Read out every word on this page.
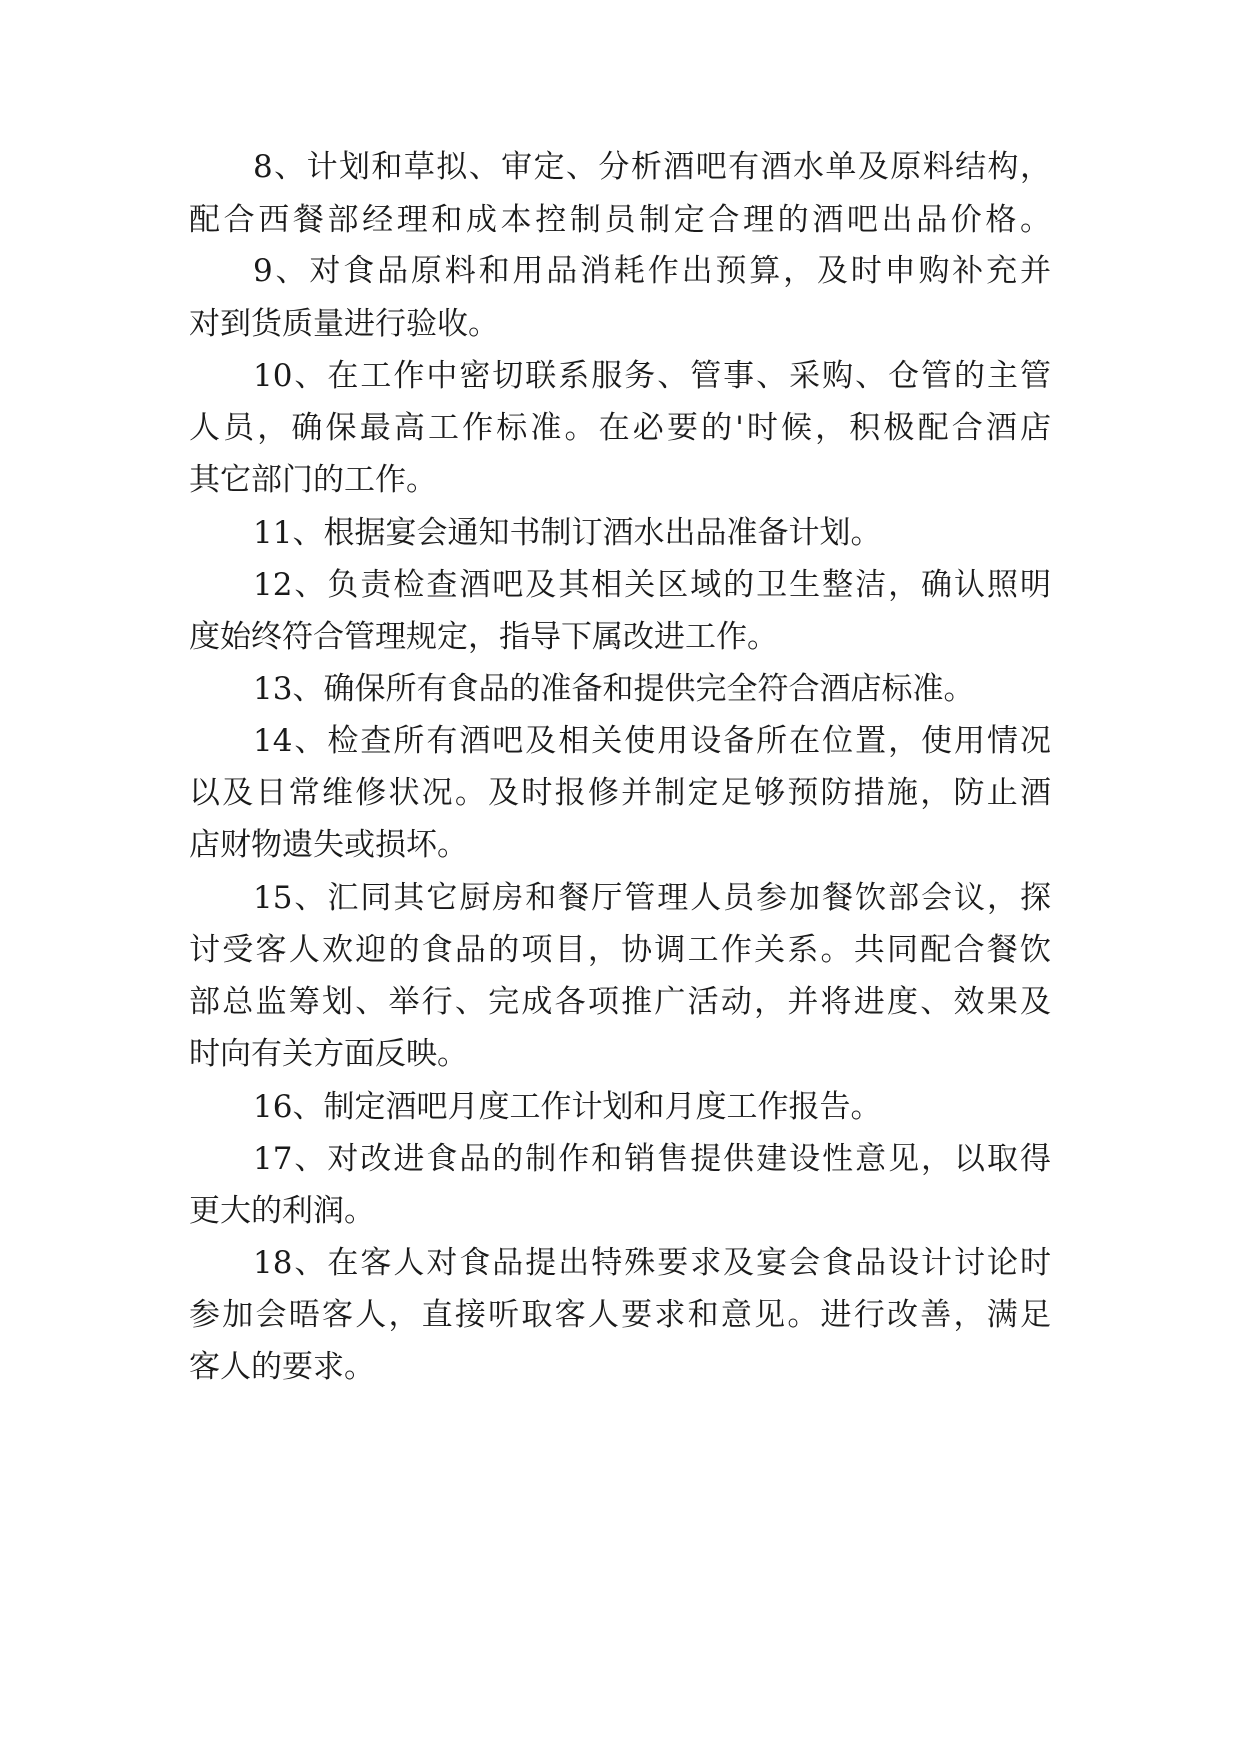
8、计划和草拟、审定、分析酒吧有酒水单及原料结构，
配合西餐部经理和成本控制员制定合理的酒吧出品价格。
9、对食品原料和用品消耗作出预算，及时申购补充并
对到货质量进行验收。
10、在工作中密切联系服务、管事、采购、仓管的主管
人员，确保最高工作标准。在必要的'时候，积极配合酒店
其它部门的工作。
11、根据宴会通知书制订酒水出品准备计划。
12、负责检查酒吧及其相关区域的卫生整洁，确认照明
度始终符合管理规定，指导下属改进工作。
13、确保所有食品的准备和提供完全符合酒店标准。
14、检查所有酒吧及相关使用设备所在位置，使用情况
以及日常维修状况。及时报修并制定足够预防措施，防止酒
店财物遗失或损坏。
15、汇同其它厨房和餐厅管理人员参加餐饮部会议，探
讨受客人欢迎的食品的项目，协调工作关系。共同配合餐饮
部总监筹划、举行、完成各项推广活动，并将进度、效果及
时向有关方面反映。
16、制定酒吧月度工作计划和月度工作报告。
17、对改进食品的制作和销售提供建设性意见，以取得
更大的利润。
18、在客人对食品提出特殊要求及宴会食品设计讨论时
参加会晤客人，直接听取客人要求和意见。进行改善，满足
客人的要求。
